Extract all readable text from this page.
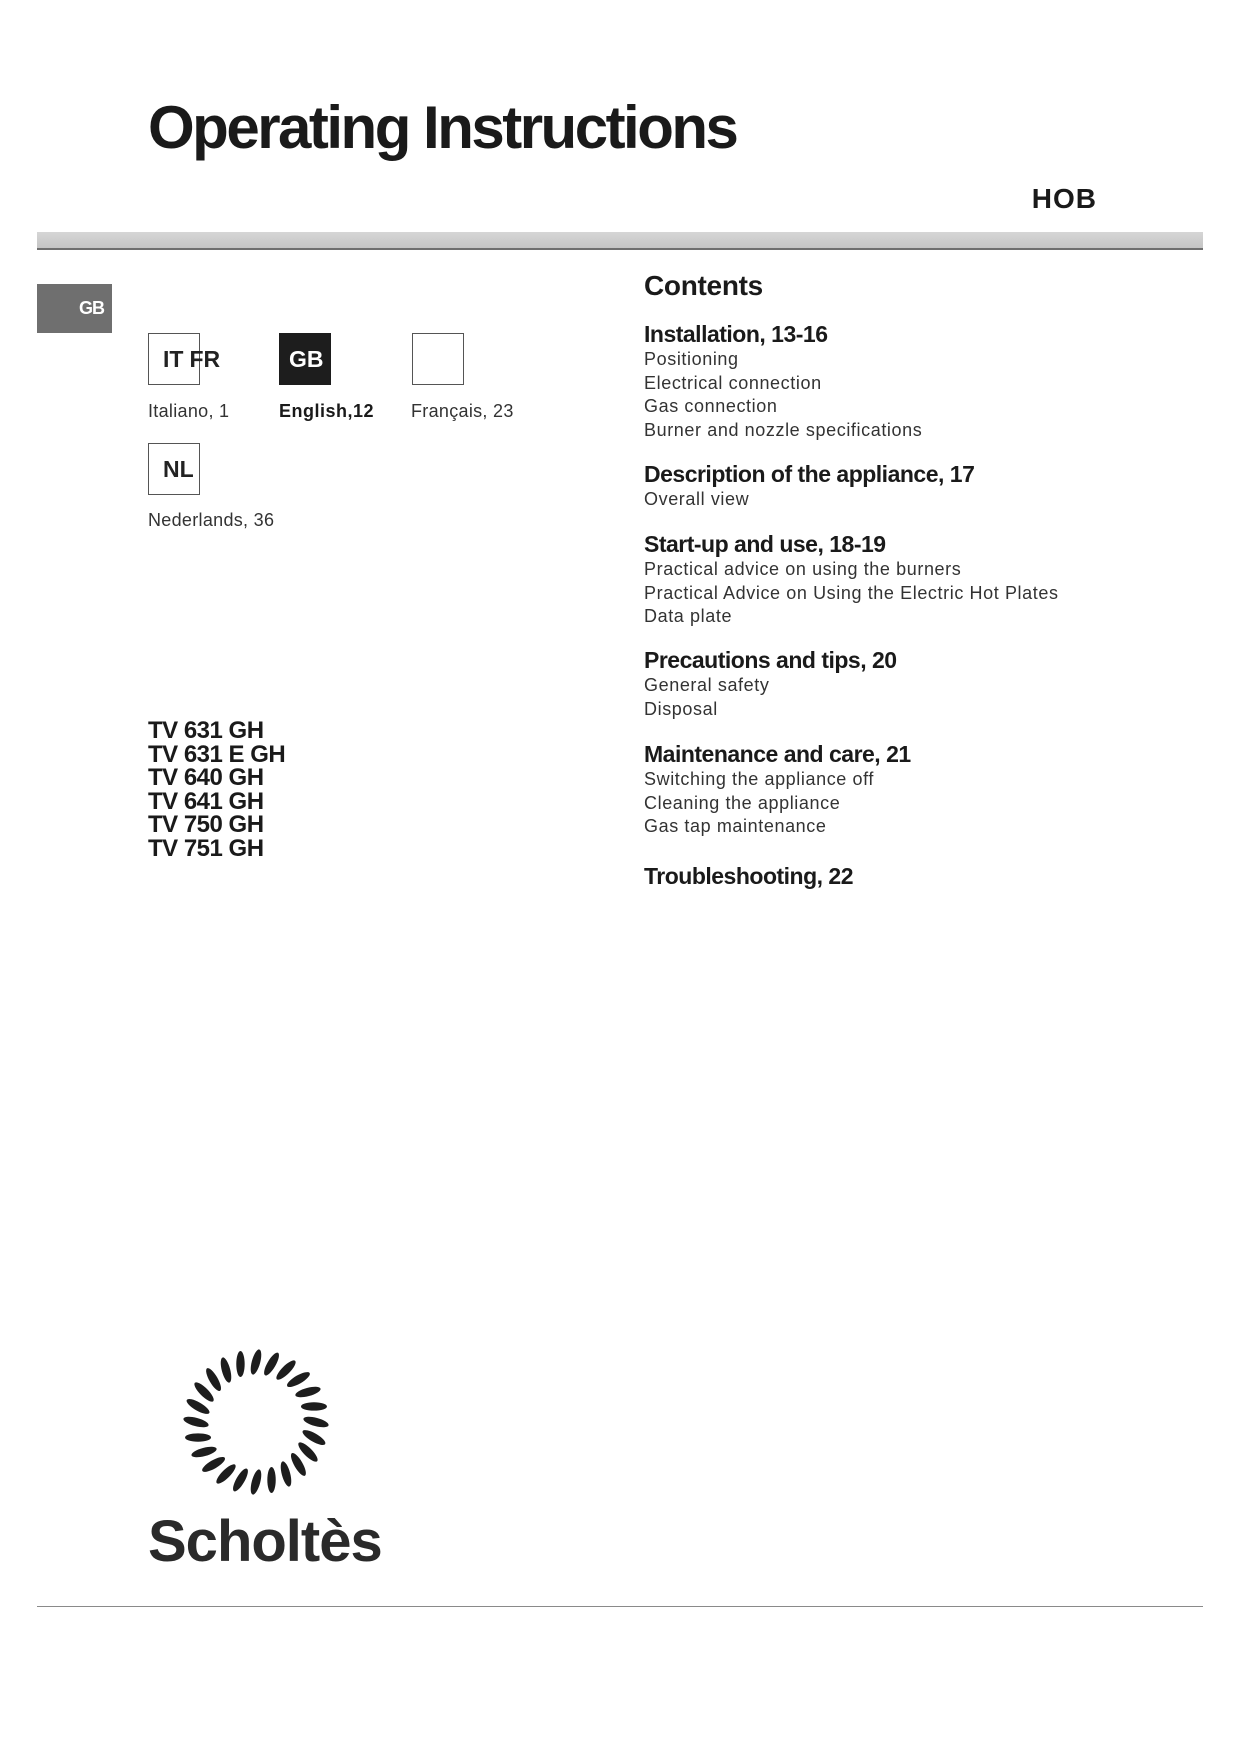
Operating Instructions
HOB
GB
IT FR
Italiano, 1
GB
English,12 Français, 23
NL
Nederlands, 36
TV 631 GH
TV 631 E GH
TV 640 GH
TV 641 GH
TV 750 GH
TV 751 GH
Contents
Installation, 13-16
Positioning
Electrical connection
Gas connection
Burner and nozzle specifications
Description of the appliance, 17
Overall view
Start-up and use, 18-19
Practical advice on using the burners
Practical Advice on Using the Electric Hot Plates
Data plate
Precautions and tips, 20
General safety
Disposal
Maintenance and care, 21
Switching the appliance off
Cleaning the appliance
Gas tap maintenance
Troubleshooting, 22
Scholtès
